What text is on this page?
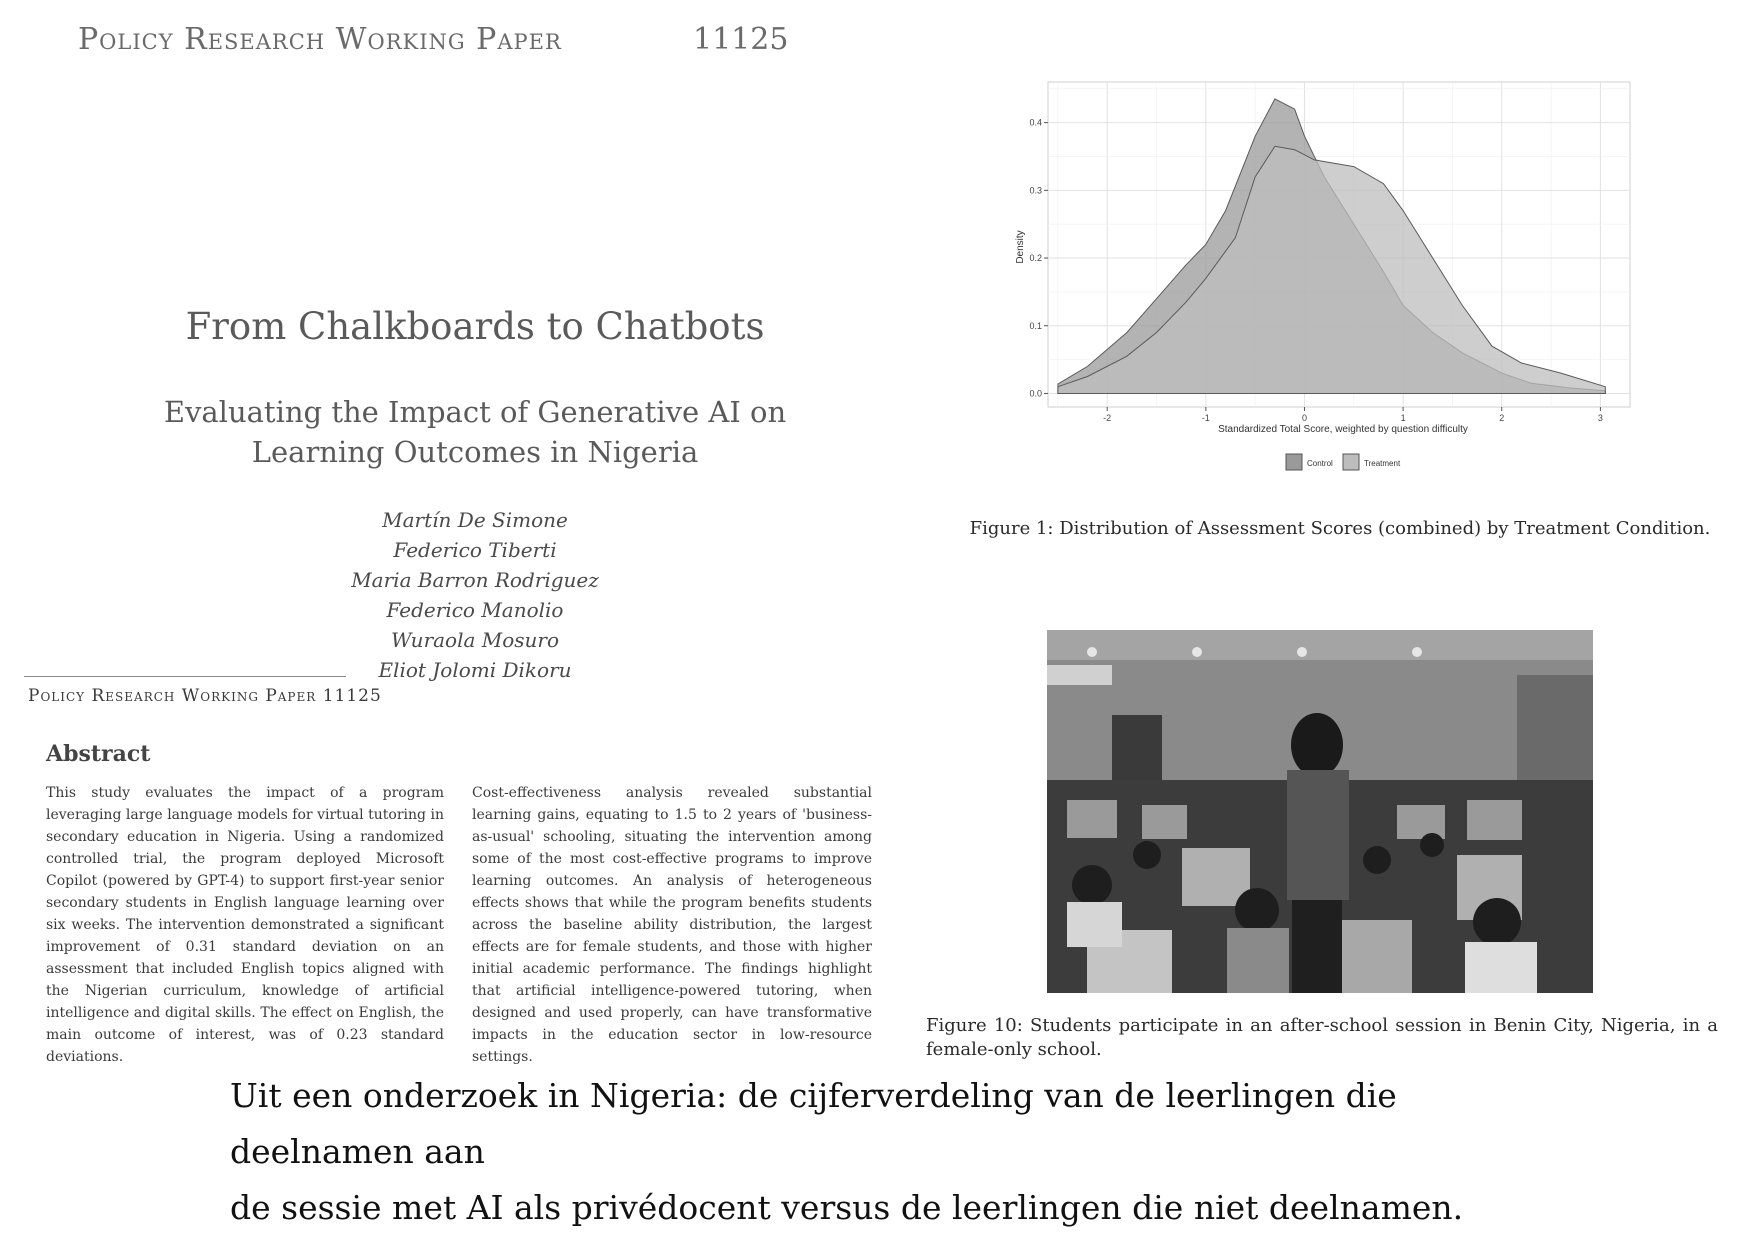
Policy Research Working Paper	11125
From Chalkboards to Chatbots
Evaluating the Impact of Generative AI on Learning Outcomes in Nigeria
Martín De Simone
Federico Tiberti
Maria Barron Rodriguez
Federico Manolio
Wuraola Mosuro
Eliot Jolomi Dikoru
Policy Research Working Paper 11125
Abstract
This study evaluates the impact of a program leveraging large language models for virtual tutoring in secondary education in Nigeria. Using a randomized controlled trial, the program deployed Microsoft Copilot (powered by GPT-4) to support first-year senior secondary students in English language learning over six weeks. The intervention demonstrated a significant improvement of 0.31 standard deviation on an assessment that included English topics aligned with the Nigerian curriculum, knowledge of artificial intelligence and digital skills. The effect on English, the main outcome of interest, was of 0.23 standard deviations.
Cost-effectiveness analysis revealed substantial learning gains, equating to 1.5 to 2 years of 'business-as-usual' schooling, situating the intervention among some of the most cost-effective programs to improve learning outcomes. An analysis of heterogeneous effects shows that while the program benefits students across the baseline ability distribution, the largest effects are for female students, and those with higher initial academic performance. The findings highlight that artificial intelligence-powered tutoring, when designed and used properly, can have transformative impacts in the education sector in low-resource settings.
-2	-1	0	1	2	3
0.0
0.1
0.2
0.3
0.4
Standardized Total Score, weighted by question difficulty
Density
Control	Treatment
Figure 1: Distribution of Assessment Scores (combined) by Treatment Condition.
Figure 10: Students participate in an after-school session in Benin City, Nigeria, in a female-only school.
Uit een onderzoek in Nigeria: de cijferverdeling van de leerlingen die deelnamen aan
de sessie met AI als privédocent versus de leerlingen die niet deelnamen.
